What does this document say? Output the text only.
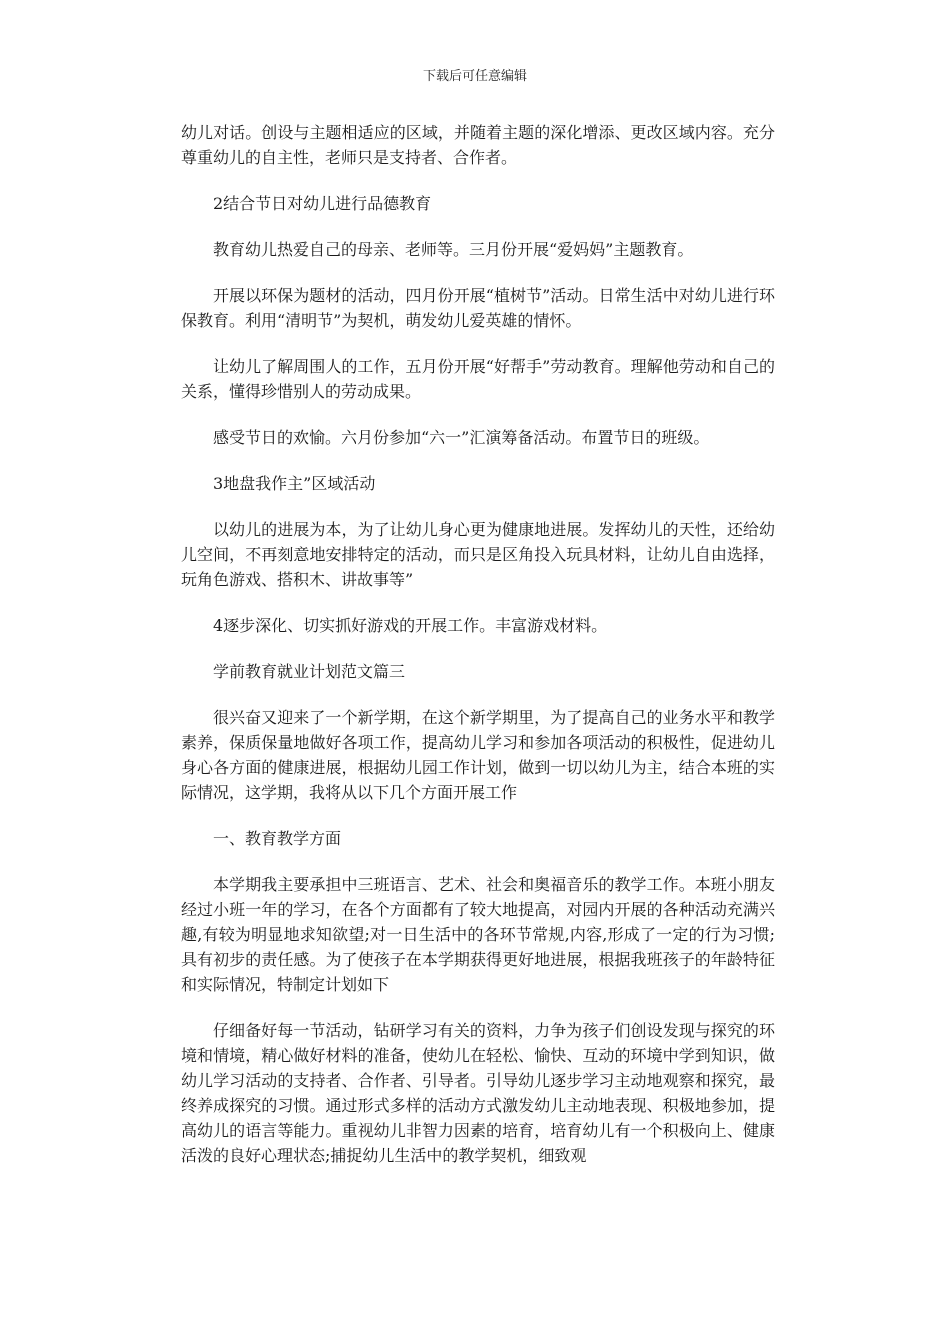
下载后可任意编辑

幼儿对话。创设与主题相适应的区域，并随着主题的深化增添、更改区域内容。充分尊重幼儿的自主性，老师只是支持者、合作者。

2结合节日对幼儿进行品德教育

教育幼儿热爱自己的母亲、老师等。三月份开展“爱妈妈”主题教育。

开展以环保为题材的活动，四月份开展“植树节”活动。日常生活中对幼儿进行环保教育。利用“清明节”为契机，萌发幼儿爱英雄的情怀。

让幼儿了解周围人的工作，五月份开展“好帮手”劳动教育。理解他劳动和自己的关系，懂得珍惜别人的劳动成果。

感受节日的欢愉。六月份参加“六一”汇演筹备活动。布置节日的班级。

3地盘我作主”区域活动

以幼儿的进展为本，为了让幼儿身心更为健康地进展。发挥幼儿的天性，还给幼儿空间，不再刻意地安排特定的活动，而只是区角投入玩具材料，让幼儿自由选择，玩角色游戏、搭积木、讲故事等”

4逐步深化、切实抓好游戏的开展工作。丰富游戏材料。

学前教育就业计划范文篇三

很兴奋又迎来了一个新学期，在这个新学期里，为了提高自己的业务水平和教学素养，保质保量地做好各项工作，提高幼儿学习和参加各项活动的积极性，促进幼儿身心各方面的健康进展，根据幼儿园工作计划，做到一切以幼儿为主，结合本班的实际情况，这学期，我将从以下几个方面开展工作

一、教育教学方面

本学期我主要承担中三班语言、艺术、社会和奥福音乐的教学工作。本班小朋友经过小班一年的学习，在各个方面都有了较大地提高，对园内开展的各种活动充满兴趣,有较为明显地求知欲望;对一日生活中的各环节常规,内容,形成了一定的行为习惯;具有初步的责任感。为了使孩子在本学期获得更好地进展，根据我班孩子的年龄特征和实际情况，特制定计划如下

仔细备好每一节活动，钻研学习有关的资料，力争为孩子们创设发现与探究的环境和情境，精心做好材料的准备，使幼儿在轻松、愉快、互动的环境中学到知识，做幼儿学习活动的支持者、合作者、引导者。引导幼儿逐步学习主动地观察和探究，最终养成探究的习惯。通过形式多样的活动方式激发幼儿主动地表现、积极地参加，提高幼儿的语言等能力。重视幼儿非智力因素的培育，培育幼儿有一个积极向上、健康活泼的良好心理状态;捕捉幼儿生活中的教学契机，细致观
